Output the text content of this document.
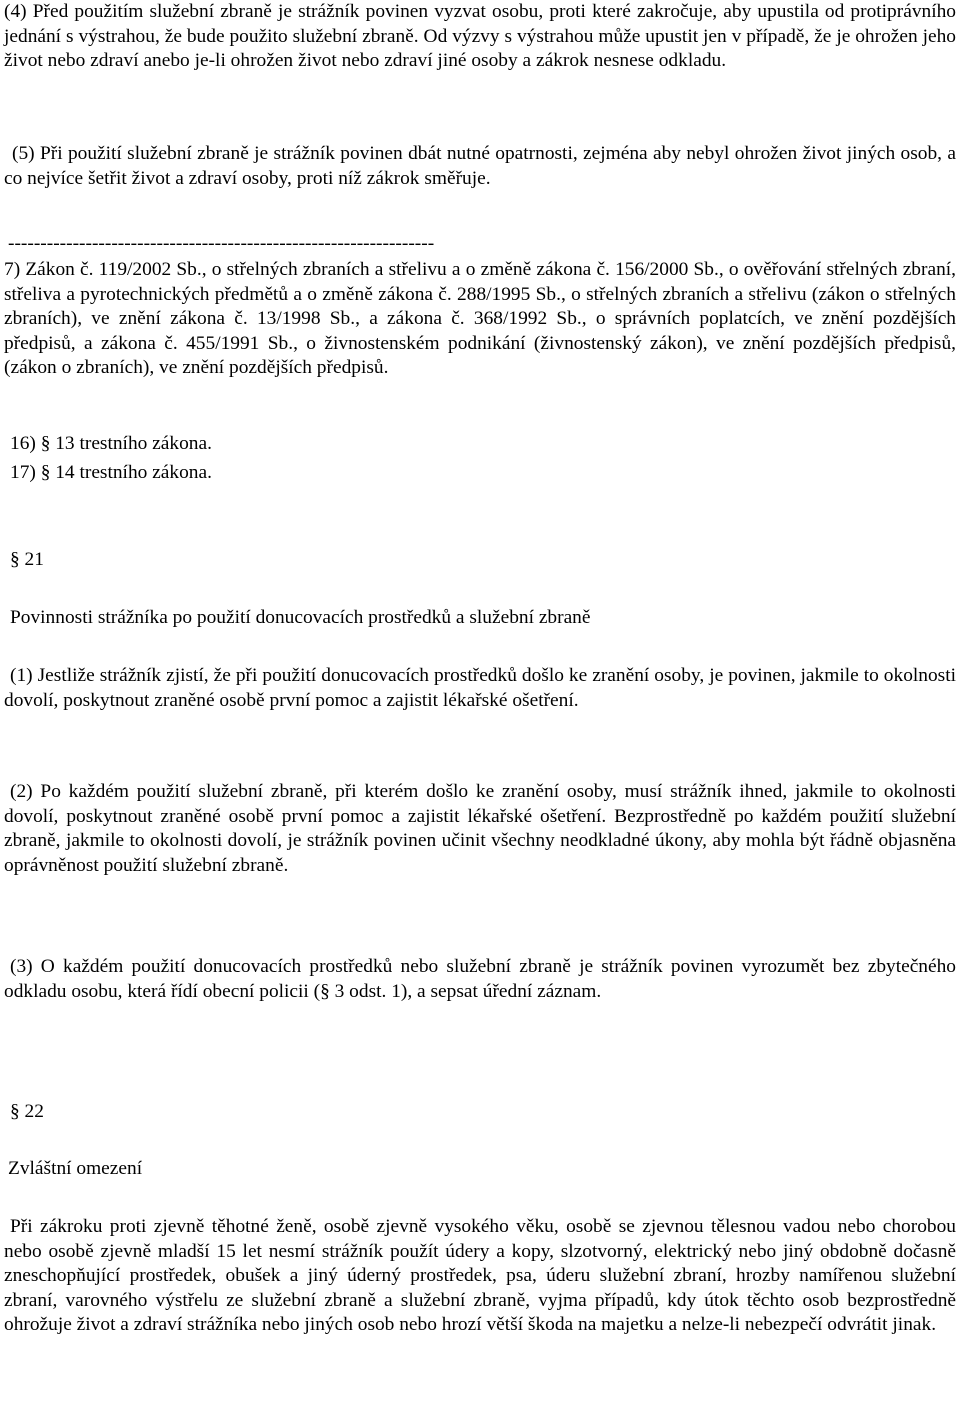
(4) Před použitím služební zbraně je strážník povinen vyzvat osobu, proti které zakročuje, aby upustila od protiprávního jednání s výstrahou, že bude použito služební zbraně. Od výzvy s výstrahou může upustit jen v případě, že je ohrožen jeho život nebo zdraví anebo je-li ohrožen život nebo zdraví jiné osoby a zákrok nesnese odkladu.

(5) Při použití služební zbraně je strážník povinen dbát nutné opatrnosti, zejména aby nebyl ohrožen život jiných osob, a co nejvíce šetřit život a zdraví osoby, proti níž zákrok směřuje.

------------------------------------------------------------------

7) Zákon č. 119/2002 Sb., o střelných zbraních a střelivu a o změně zákona č. 156/2000 Sb., o ověřování střelných zbraní, střeliva a pyrotechnických předmětů a o změně zákona č. 288/1995 Sb., o střelných zbraních a střelivu (zákon o střelných zbraních), ve znění zákona č. 13/1998 Sb., a zákona č. 368/1992 Sb., o správních poplatcích, ve znění pozdějších předpisů, a zákona č. 455/1991 Sb., o živnostenském podnikání (živnostenský zákon), ve znění pozdějších předpisů, (zákon o zbraních), ve znění pozdějších předpisů.

16) § 13 trestního zákona.
17) § 14 trestního zákona.
§ 21
Povinnosti strážníka po použití donucovacích prostředků a služební zbraně

(1) Jestliže strážník zjistí, že při použití donucovacích prostředků došlo ke zranění osoby, je povinen, jakmile to okolnosti dovolí, poskytnout zraněné osobě první pomoc a zajistit lékařské ošetření.

(2) Po každém použití služební zbraně, při kterém došlo ke zranění osoby, musí strážník ihned, jakmile to okolnosti dovolí, poskytnout zraněné osobě první pomoc a zajistit lékařské ošetření. Bezprostředně po každém použití služební zbraně, jakmile to okolnosti dovolí, je strážník povinen učinit všechny neodkladné úkony, aby mohla být řádně objasněna oprávněnost použití služební zbraně.

(3) O každém použití donucovacích prostředků nebo služební zbraně je strážník povinen vyrozumět bez zbytečného odkladu osobu, která řídí obecní policii (§ 3 odst. 1), a sepsat úřední záznam.

§ 22
Zvláštní omezení

Při zákroku proti zjevně těhotné ženě, osobě zjevně vysokého věku, osobě se zjevnou tělesnou vadou nebo chorobou nebo osobě zjevně mladší 15 let nesmí strážník použít údery a kopy, slzotvorný, elektrický nebo jiný obdobně dočasně zneschopňující prostředek, obušek a jiný úderný prostředek, psa, úderu služební zbraní, hrozby namířenou služební zbraní, varovného výstřelu ze služební zbraně a služební zbraně, vyjma případů, kdy útok těchto osob bezprostředně ohrožuje život a zdraví strážníka nebo jiných osob nebo hrozí větší škoda na majetku a nelze-li nebezpečí odvrátit jinak.
